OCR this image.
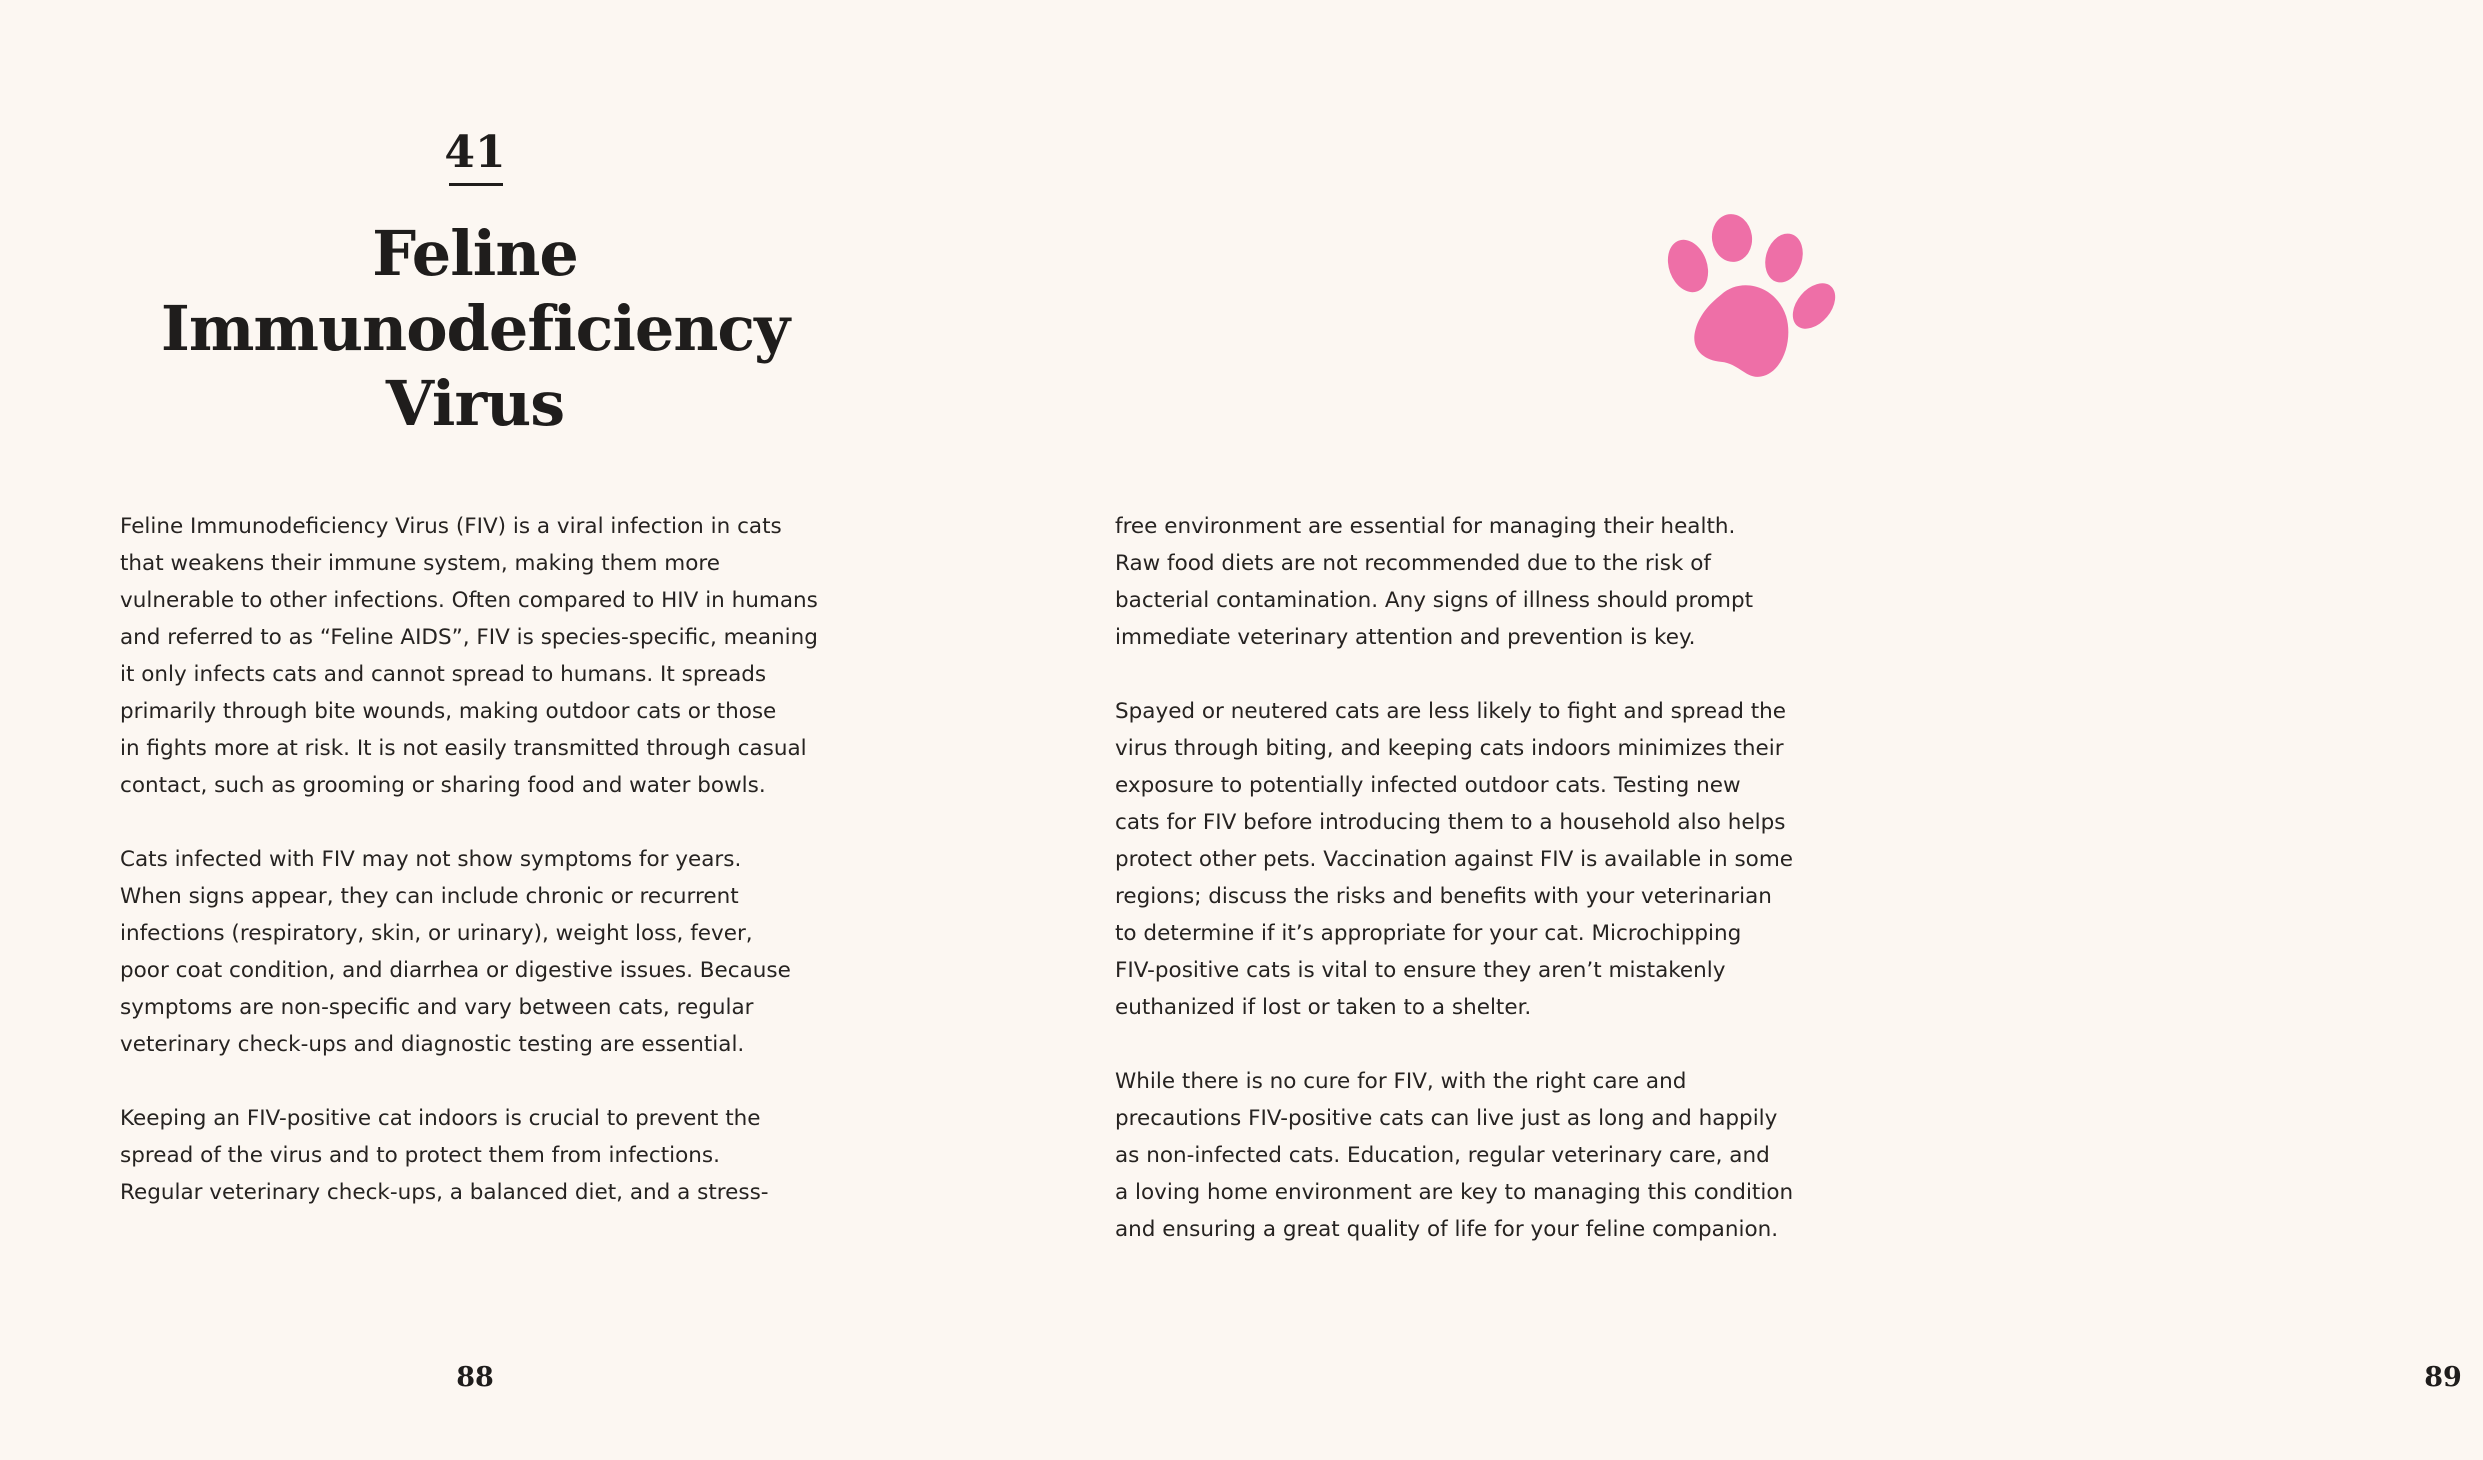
41
Feline
Immunodeficiency
Virus

Feline Immunodeficiency Virus (FIV) is a viral infection in cats
that weakens their immune system, making them more
vulnerable to other infections. Often compared to HIV in humans
and referred to as “Feline AIDS”, FIV is species-specific, meaning
it only infects cats and cannot spread to humans. It spreads
primarily through bite wounds, making outdoor cats or those
in fights more at risk. It is not easily transmitted through casual
contact, such as grooming or sharing food and water bowls.

Cats infected with FIV may not show symptoms for years.
When signs appear, they can include chronic or recurrent
infections (respiratory, skin, or urinary), weight loss, fever,
poor coat condition, and diarrhea or digestive issues. Because
symptoms are non-specific and vary between cats, regular
veterinary check-ups and diagnostic testing are essential.

Keeping an FIV-positive cat indoors is crucial to prevent the
spread of the virus and to protect them from infections.
Regular veterinary check-ups, a balanced diet, and a stress-

88

free environment are essential for managing their health.
Raw food diets are not recommended due to the risk of
bacterial contamination. Any signs of illness should prompt
immediate veterinary attention and prevention is key.

Spayed or neutered cats are less likely to fight and spread the
virus through biting, and keeping cats indoors minimizes their
exposure to potentially infected outdoor cats. Testing new
cats for FIV before introducing them to a household also helps
protect other pets. Vaccination against FIV is available in some
regions; discuss the risks and benefits with your veterinarian
to determine if it’s appropriate for your cat. Microchipping
FIV-positive cats is vital to ensure they aren’t mistakenly
euthanized if lost or taken to a shelter.

While there is no cure for FIV, with the right care and
precautions FIV-positive cats can live just as long and happily
as non-infected cats. Education, regular veterinary care, and
a loving home environment are key to managing this condition
and ensuring a great quality of life for your feline companion.

89
